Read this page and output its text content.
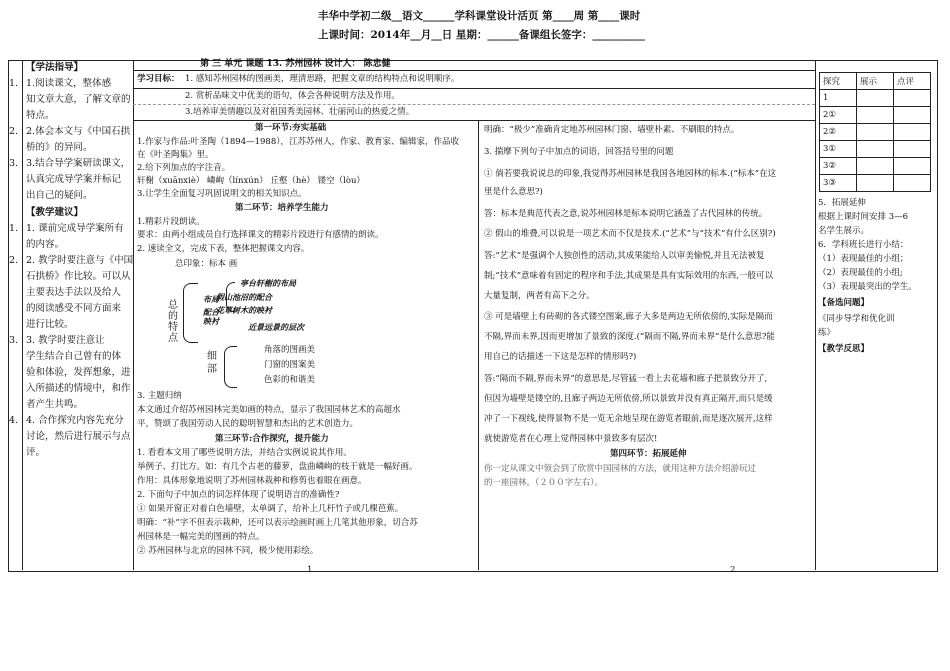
丰华中学初二级__语文______学科课堂设计活页 第____周 第____课时
上课时间：2014年__月__日 星期：______备课组长签字：__________
【学法指导】
1. 1.阅读课文，整体感
知文章大意，了解文章的
特点。
2. 2.体会本文与《中国石拱
桥的》的异同。
3. 3.结合导学案研读课文，
认真完成导学案并标记
出自己的疑问。
【教学建议】
1. 1. 课前完成导学案所有
的内容。
2. 2. 教学时要注意与《中国
石拱桥》作比较。可以从
主要表达手法以及给人
的阅读感受不同方面来
进行比较。
3. 3. 教学时要注意让
学生结合自己曾有的体
验和体验，发挥想象，进
入所描述的情境中，和作
者产生共鸣。
4. 4. 合作探究内容先充分
讨论，然后进行展示与点
评。
第 三 单元 课题 13. 苏州园林 设计人： 陈忠健
学习目标： 1. 感知苏州园林的图画美，理清思路，把握文章的结构特点和说明顺序。
2. 赏析品味文中优美的语句，体会各种说明方法及作用。
3.培养审美情趣以及对祖国秀美园林、壮丽河山的热爱之情。
第一环节:夯实基础
1.作家与作品:叶圣陶（1894—1988），江苏苏州人，作家、教育家、编辑家，作品收
在《叶圣陶集》里。
2.给下列加点的字注音。
轩榭（xuānxiè） 嶙峋（línxún） 丘壑（hè） 镂空（lòu）
3.让学生全面复习巩固说明文的相关知识点。
第二环节：培养学生能力
1.精彩片段朗读。
要求：由两小组成员自行选择课文的精彩片段进行有感情的朗读。
2. 速读全文，完成下表，整体把握课文内容。
总印象：标本 画
总的特点
布局
配合
映衬
亭台轩榭的布局
假山池沼的配合
花草树木的映衬
近景远景的层次
细部
角落的图画美
门窗的图案美
色彩的和谐美
3. 主题归纳
本文通过介绍苏州园林完美如画的特点，显示了我国园林艺术的高超水
平，赞颂了我国劳动人民的聪明智慧和杰出的艺术创造力。
第三环节:合作探究，提升能力
1. 看看本文用了哪些说明方法，并结合实例说说其作用。
举例子、打比方。如：有几个古老的藤萝，盘曲嶙峋的枝干就是一幅好画。
作用：具体形象地说明了苏州园林栽种和修剪也着眼在画意。
2. 下面句子中加点的词怎样体现了说明语言的准确性?
① 如果开窗正对着白色墙壁，太单调了，给补上几杆竹子或几棵芭蕉。
明确：“补”字不但表示栽种，还可以表示绘画时画上几笔其他形象，切合苏
州园林是一幅完美的图画的特点。
② 苏州园林与北京的园林不同，极少使用彩绘。
1
明确：“极少”准确肯定地苏州园林门窗、墙壁朴素、不刷眼的特点。
3. 揣摩下列句子中加点的词语，回答括号里的问题
① 倘若要我说说总的印象,我觉得苏州园林是我国各地园林的标本.(“标本”在这
里是什么意思?)
答：标本是典范代表之意,说苏州园林是标本说明它涵盖了古代园林的传统。
② 假山的堆叠,可以说是一项艺术而不仅是技术.(“艺术”与“技术”有什么区别?)
答:“艺术”是强调个人独创性的活动,其成果能给人以审美愉悦,并且无法被复
制;“技术”意味着有固定的程序和手法,其成果是具有实际效用的东西,一般可以
大量复制，两者有高下之分。
③ 可是墙壁上有砖砌的各式镂空图案,廊子大多是两边无所依傍的,实际是隔而
不隔,界而未界,因而更增加了景致的深度.(“隔而不隔,界而未界”是什么意思?能
用自己的话描述一下这是怎样的情形吗?)
答:“隔而不隔,界而未界”的意思是,尽管猛一看上去花墙和廊子把景致分开了,
但因为墙壁是镂空的,且廊子两边无所依傍,所以景致并没有真正隔开,而只是缓
冲了一下视线,使得景物不是一览无余地呈现在游览者眼前,而是逐次展开,这样
就使游览者在心理上觉得园林中景致多有层次!
第四环节：拓展延伸
你一定从课文中领会到了欣赏中国园林的方法，就用这种方法介绍游玩过
的一座园林。（２００字左右）。
2
探究	展示	点评
1		
2①		
2②		
3①		
3②		
3③		
5．拓展延伸
根据上课时间安排 3—6
名学生展示。
6．学科班长进行小结：
（1）表现最佳的小组；
（2）表现最佳的小组;
（3）表现最突出的学生。
【备选问题】
《同步导学和优化训
练》
【教学反思】
